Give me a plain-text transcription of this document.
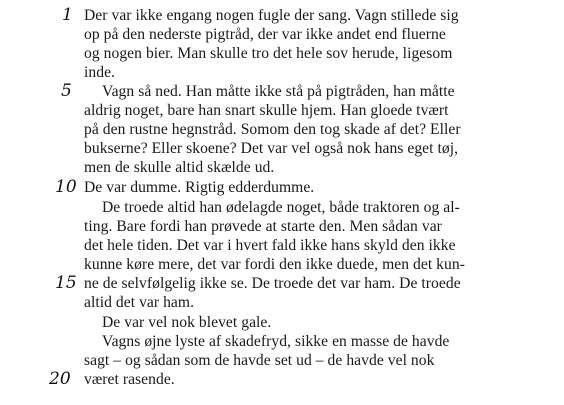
1
5
10
15
20
Der var ikke engang nogen fugle der sang. Vagn stillede sig
op på den nederste pigtråd, der var ikke andet end fluerne
og nogen bier. Man skulle tro det hele sov herude, ligesom
inde.
Vagn så ned. Han måtte ikke stå på pigtråden, han måtte
aldrig noget, bare han snart skulle hjem. Han gloede tvært
på den rustne hegnstråd. Somom den tog skade af det? Eller
bukserne? Eller skoene? Det var vel også nok hans eget tøj,
men de skulle altid skælde ud.
De var dumme. Rigtig edderdumme.
De troede altid han ødelagde noget, både traktoren og al-
ting. Bare fordi han prøvede at starte den. Men sådan var
det hele tiden. Det var i hvert fald ikke hans skyld den ikke
kunne køre mere, det var fordi den ikke duede, men det kun-
ne de selvfølgelig ikke se. De troede det var ham. De troede
altid det var ham.
De var vel nok blevet gale.
Vagns øjne lyste af skadefryd, sikke en masse de havde
sagt – og sådan som de havde set ud – de havde vel nok
været rasende.
